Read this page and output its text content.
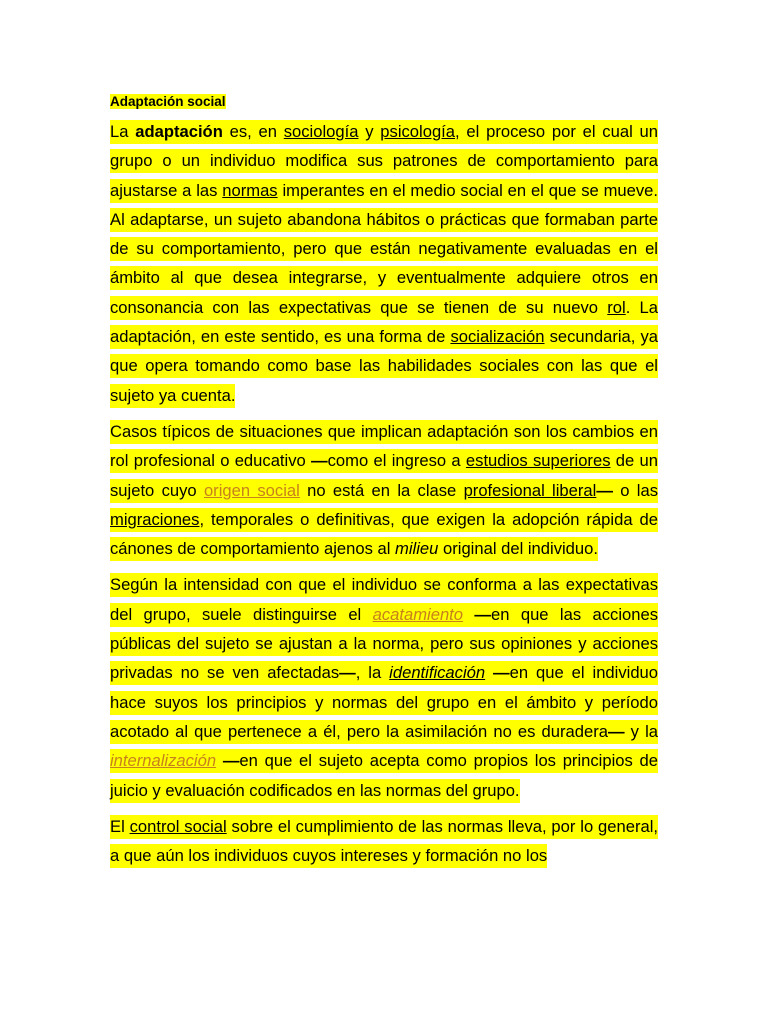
Adaptación social

La adaptación es, en sociología y psicología, el proceso por el cual un grupo o un individuo modifica sus patrones de comportamiento para ajustarse a las normas imperantes en el medio social en el que se mueve. Al adaptarse, un sujeto abandona hábitos o prácticas que formaban parte de su comportamiento, pero que están negativamente evaluadas en el ámbito al que desea integrarse, y eventualmente adquiere otros en consonancia con las expectativas que se tienen de su nuevo rol. La adaptación, en este sentido, es una forma de socialización secundaria, ya que opera tomando como base las habilidades sociales con las que el sujeto ya cuenta.

Casos típicos de situaciones que implican adaptación son los cambios en rol profesional o educativo —como el ingreso a estudios superiores de un sujeto cuyo origen social no está en la clase profesional liberal— o las migraciones, temporales o definitivas, que exigen la adopción rápida de cánones de comportamiento ajenos al milieu original del individuo.

Según la intensidad con que el individuo se conforma a las expectativas del grupo, suele distinguirse el acatamiento —en que las acciones públicas del sujeto se ajustan a la norma, pero sus opiniones y acciones privadas no se ven afectadas—, la identificación —en que el individuo hace suyos los principios y normas del grupo en el ámbito y período acotado al que pertenece a él, pero la asimilación no es duradera— y la internalización —en que el sujeto acepta como propios los principios de juicio y evaluación codificados en las normas del grupo.

El control social sobre el cumplimiento de las normas lleva, por lo general, a que aún los individuos cuyos intereses y formación no los
